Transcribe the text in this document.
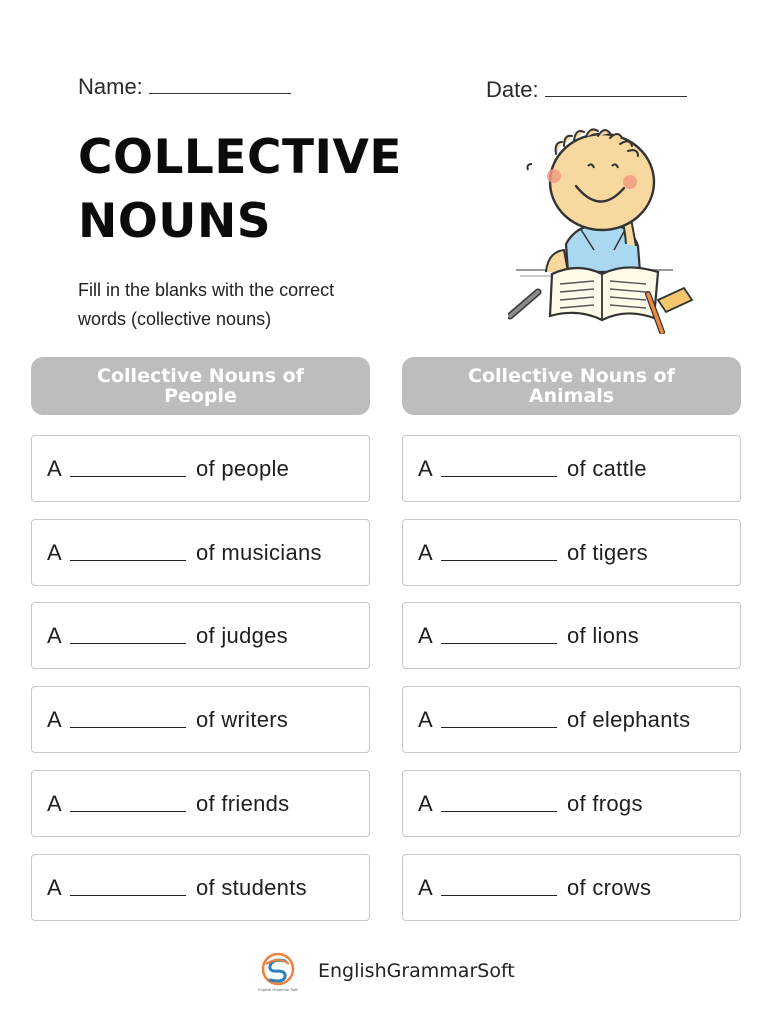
Name:	Date:
COLLECTIVE
NOUNS
Fill in the blanks with the correct
words (collective nouns)
Collective Nouns of
People
Collective Nouns of
Animals
A	of people
A	of musicians
A	of judges
A	of writers
A	of friends
A	of students
A	of cattle
A	of tigers
A	of lions
A	of elephants
A	of frogs
A	of crows
English Grammar Soft
EnglishGrammarSoft
